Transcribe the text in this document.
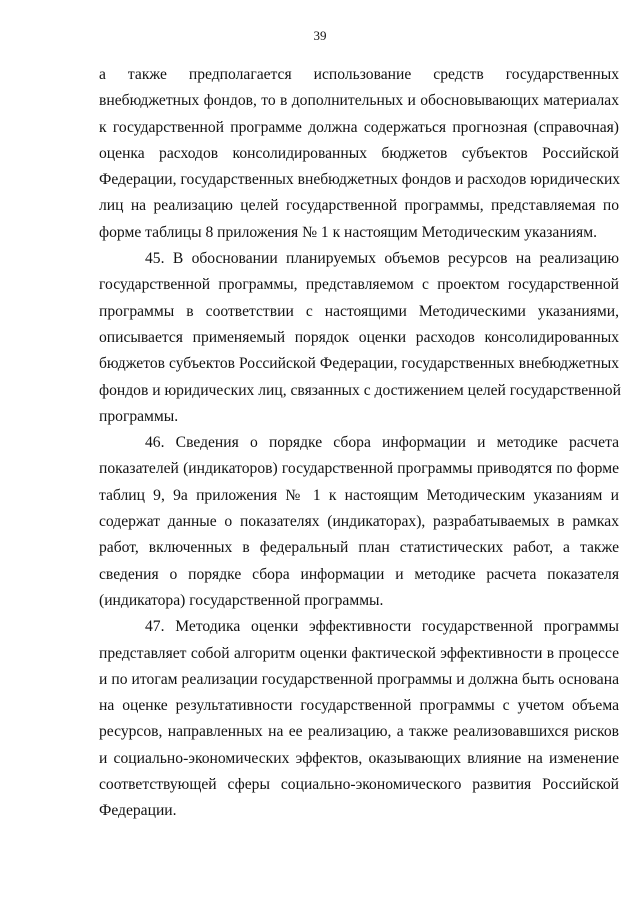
39
а также предполагается использование средств государственных
внебюджетных фондов, то в дополнительных и обосновывающих материалах
к государственной программе должна содержаться прогнозная (справочная)
оценка расходов консолидированных бюджетов субъектов Российской
Федерации, государственных внебюджетных фондов и расходов юридических
лиц на реализацию целей государственной программы, представляемая по
форме таблицы 8 приложения № 1 к настоящим Методическим указаниям.
45. В обосновании планируемых объемов ресурсов на реализацию
государственной программы, представляемом с проектом государственной
программы в соответствии с настоящими Методическими указаниями,
описывается применяемый порядок оценки расходов консолидированных
бюджетов субъектов Российской Федерации, государственных внебюджетных
фондов и юридических лиц, связанных с достижением целей государственной
программы.
46. Сведения о порядке сбора информации и методике расчета
показателей (индикаторов) государственной программы приводятся по форме
таблиц 9, 9а приложения № 1 к настоящим Методическим указаниям и
содержат данные о показателях (индикаторах), разрабатываемых в рамках
работ, включенных в федеральный план статистических работ, а также
сведения о порядке сбора информации и методике расчета показателя
(индикатора) государственной программы.
47. Методика оценки эффективности государственной программы
представляет собой алгоритм оценки фактической эффективности в процессе
и по итогам реализации государственной программы и должна быть основана
на оценке результативности государственной программы с учетом объема
ресурсов, направленных на ее реализацию, а также реализовавшихся рисков
и социально-экономических эффектов, оказывающих влияние на изменение
соответствующей сферы социально-экономического развития Российской
Федерации.
